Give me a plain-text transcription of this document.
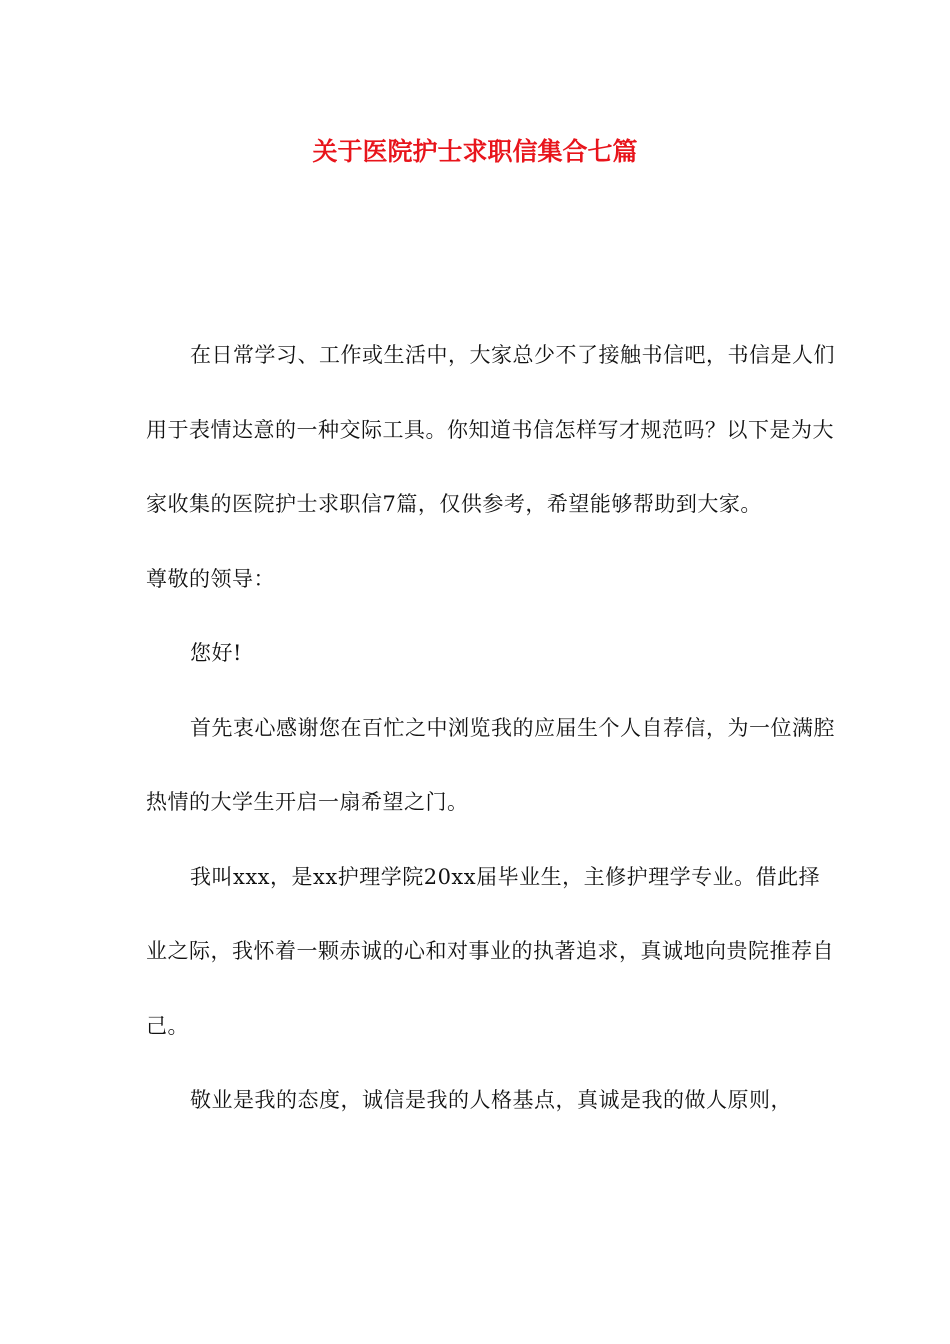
关于医院护士求职信集合七篇

在日常学习、工作或生活中，大家总少不了接触书信吧，书信是人们用于表情达意的一种交际工具。你知道书信怎样写才规范吗？以下是为大家收集的医院护士求职信7篇，仅供参考，希望能够帮助到大家。

尊敬的领导：

您好!

首先衷心感谢您在百忙之中浏览我的应届生个人自荐信，为一位满腔热情的大学生开启一扇希望之门。

我叫xxx，是xx护理学院20xx届毕业生，主修护理学专业。借此择业之际，我怀着一颗赤诚的心和对事业的执著追求，真诚地向贵院推荐自己。

敬业是我的态度，诚信是我的人格基点，真诚是我的做人原则，
